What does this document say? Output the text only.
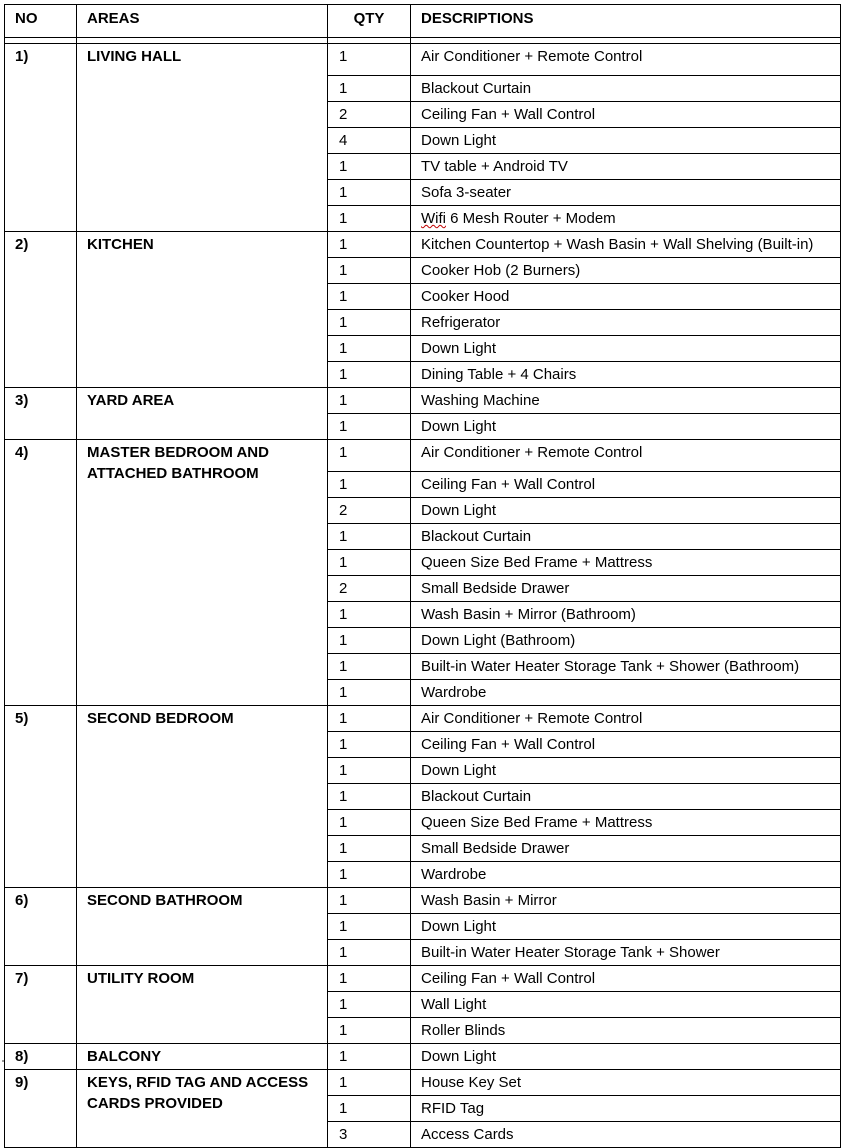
NO	AREAS	QTY	DESCRIPTIONS

1)	LIVING HALL	1	Air Conditioner + Remote Control
		1	Blackout Curtain
		2	Ceiling Fan + Wall Control
		4	Down Light
		1	TV table + Android TV
		1	Sofa 3-seater
		1	Wifi 6 Mesh Router + Modem
2)	KITCHEN	1	Kitchen Countertop + Wash Basin + Wall Shelving (Built-in)
		1	Cooker Hob (2 Burners)
		1	Cooker Hood
		1	Refrigerator
		1	Down Light
		1	Dining Table + 4 Chairs
3)	YARD AREA	1	Washing Machine
		1	Down Light
4)	MASTER BEDROOM AND ATTACHED BATHROOM	1	Air Conditioner + Remote Control
		1	Ceiling Fan + Wall Control
		2	Down Light
		1	Blackout Curtain
		1	Queen Size Bed Frame + Mattress
		2	Small Bedside Drawer
		1	Wash Basin + Mirror (Bathroom)
		1	Down Light (Bathroom)
		1	Built-in Water Heater Storage Tank + Shower (Bathroom)
		1	Wardrobe
5)	SECOND BEDROOM	1	Air Conditioner + Remote Control
		1	Ceiling Fan + Wall Control
		1	Down Light
		1	Blackout Curtain
		1	Queen Size Bed Frame + Mattress
		1	Small Bedside Drawer
		1	Wardrobe
6)	SECOND BATHROOM	1	Wash Basin + Mirror
		1	Down Light
		1	Built-in Water Heater Storage Tank + Shower
7)	UTILITY ROOM	1	Ceiling Fan + Wall Control
		1	Wall Light
		1	Roller Blinds
8)	BALCONY	1	Down Light
9)	KEYS, RFID TAG AND ACCESS CARDS PROVIDED	1	House Key Set
		1	RFID Tag
		3	Access Cards
